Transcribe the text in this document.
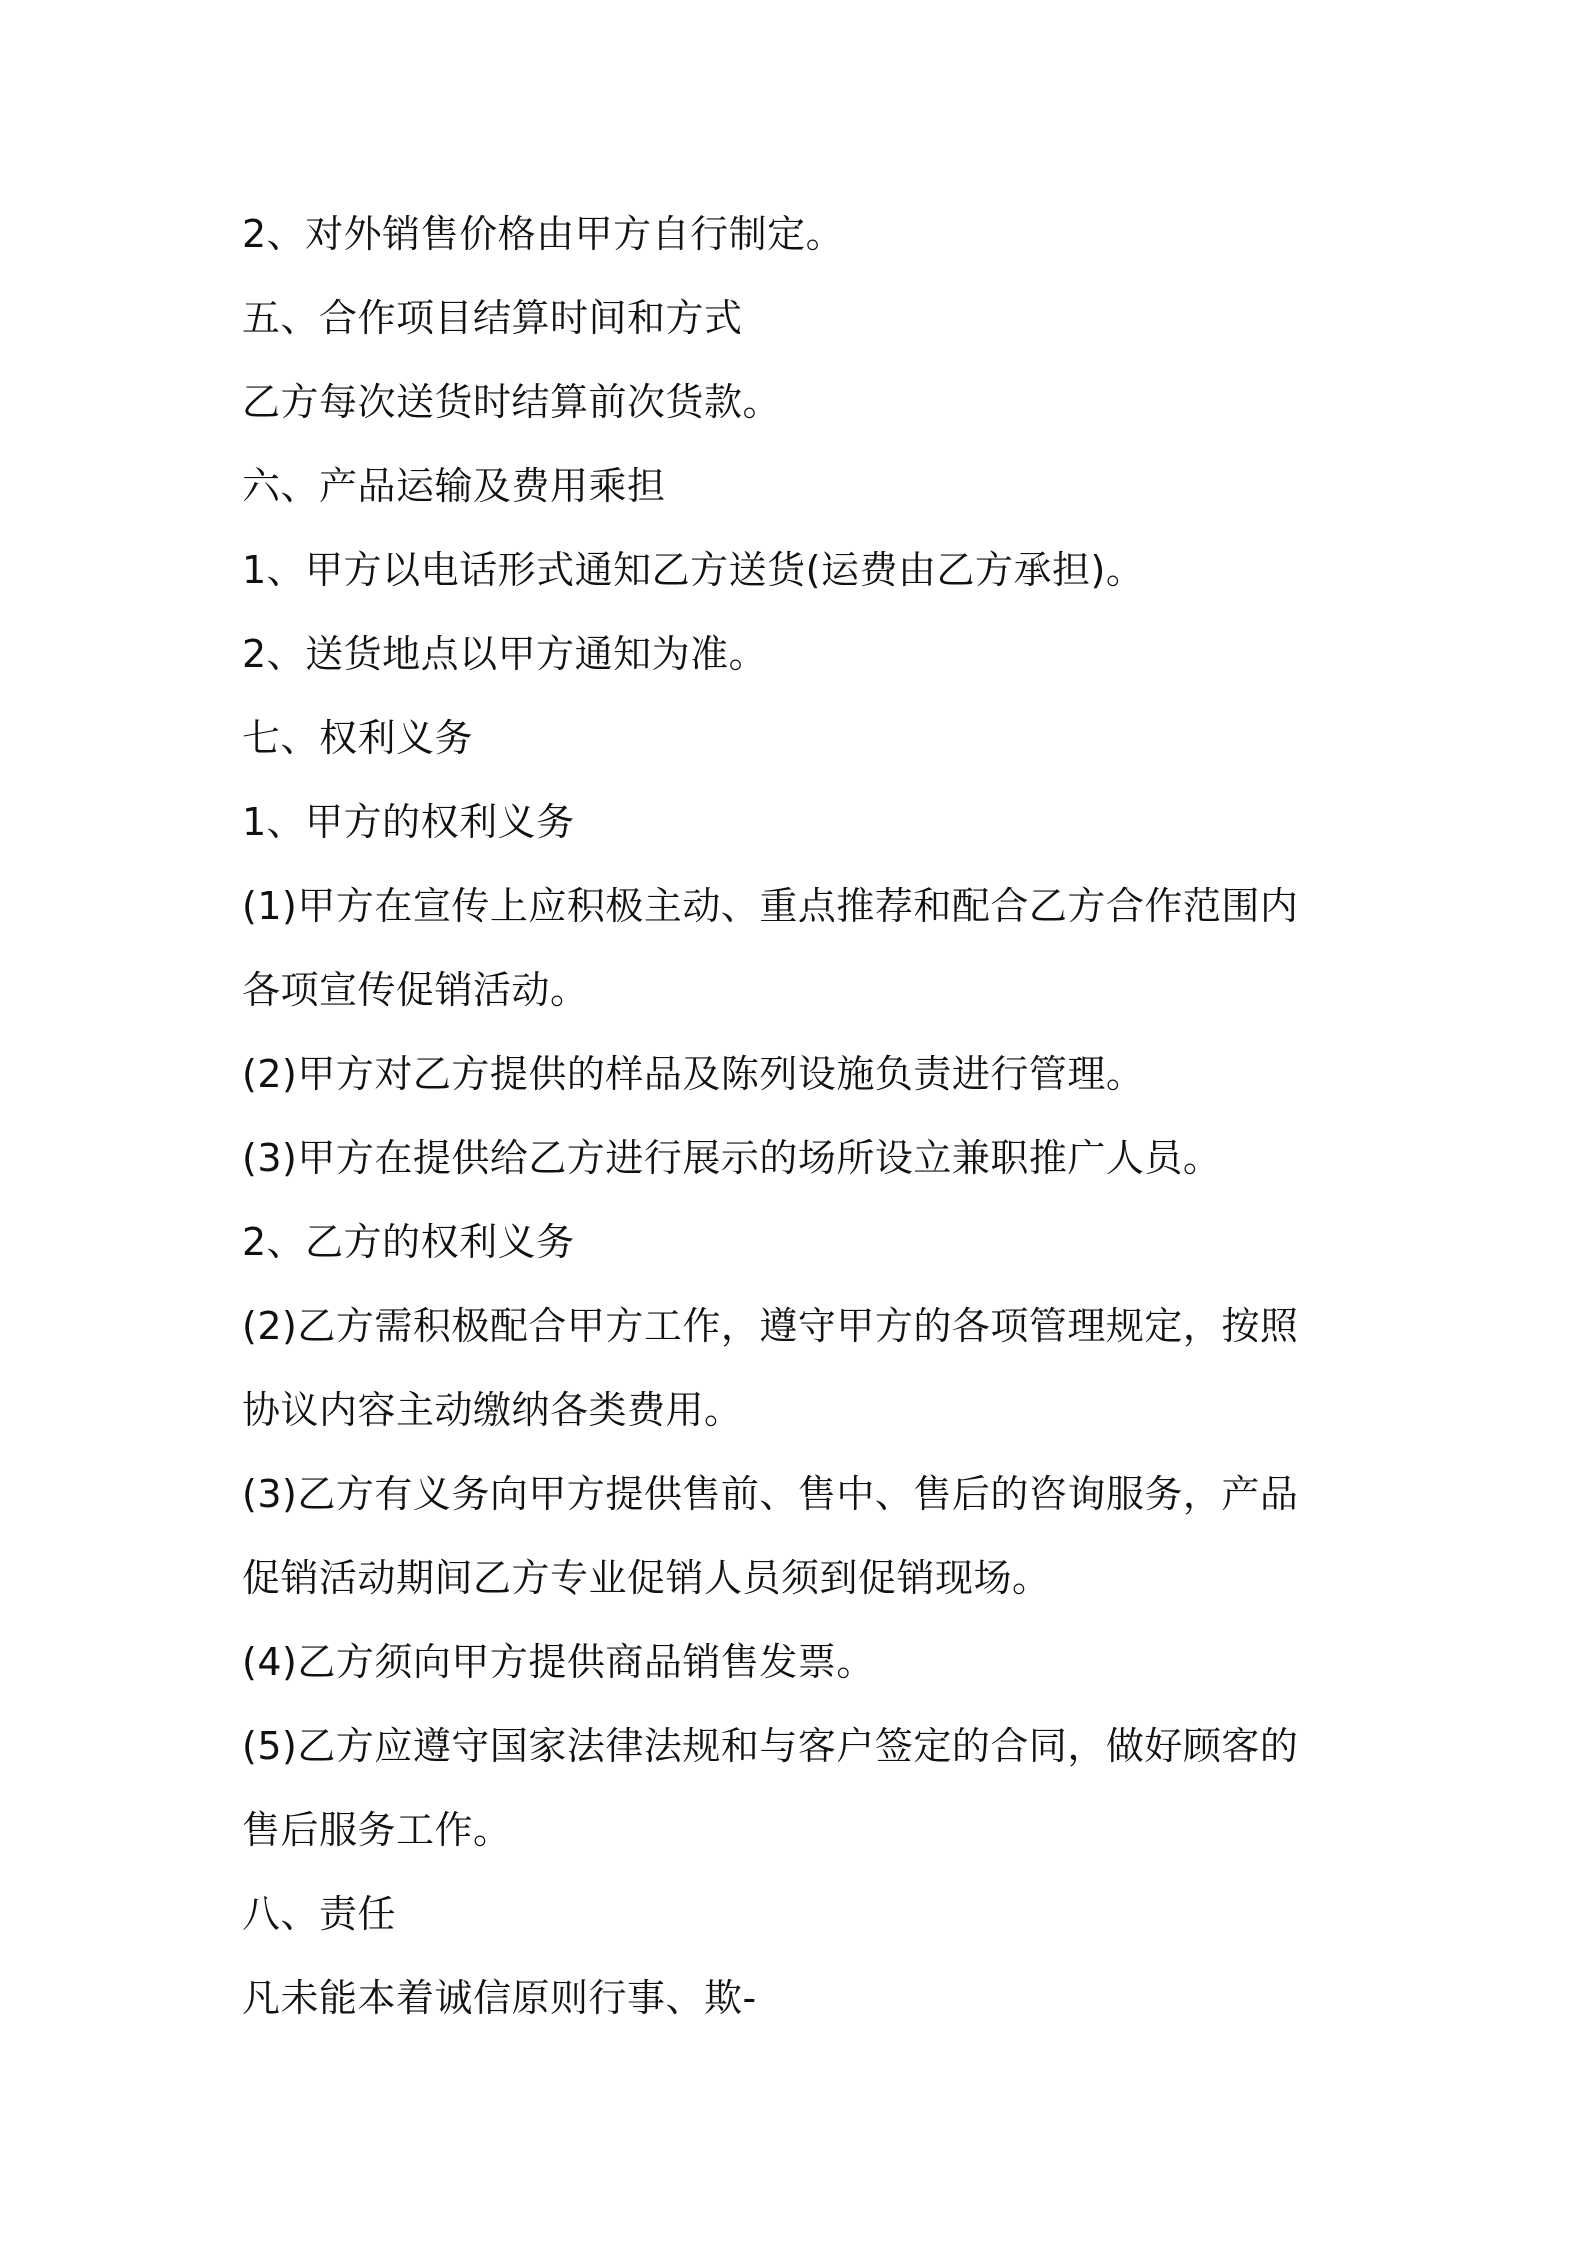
2、对外销售价格由甲方自行制定。
五、合作项目结算时间和方式
乙方每次送货时结算前次货款。
六、产品运输及费用乘担
1、甲方以电话形式通知乙方送货(运费由乙方承担)。
2、送货地点以甲方通知为准。
七、权利义务
1、甲方的权利义务
(1)甲方在宣传上应积极主动、重点推荐和配合乙方合作范围内
各项宣传促销活动。
(2)甲方对乙方提供的样品及陈列设施负责进行管理。
(3)甲方在提供给乙方进行展示的场所设立兼职推广人员。
2、乙方的权利义务
(2)乙方需积极配合甲方工作，遵守甲方的各项管理规定，按照
协议内容主动缴纳各类费用。
(3)乙方有义务向甲方提供售前、售中、售后的咨询服务，产品
促销活动期间乙方专业促销人员须到促销现场。
(4)乙方须向甲方提供商品销售发票。
(5)乙方应遵守国家法律法规和与客户签定的合同，做好顾客的
售后服务工作。
八、责任
凡未能本着诚信原则行事、欺-
